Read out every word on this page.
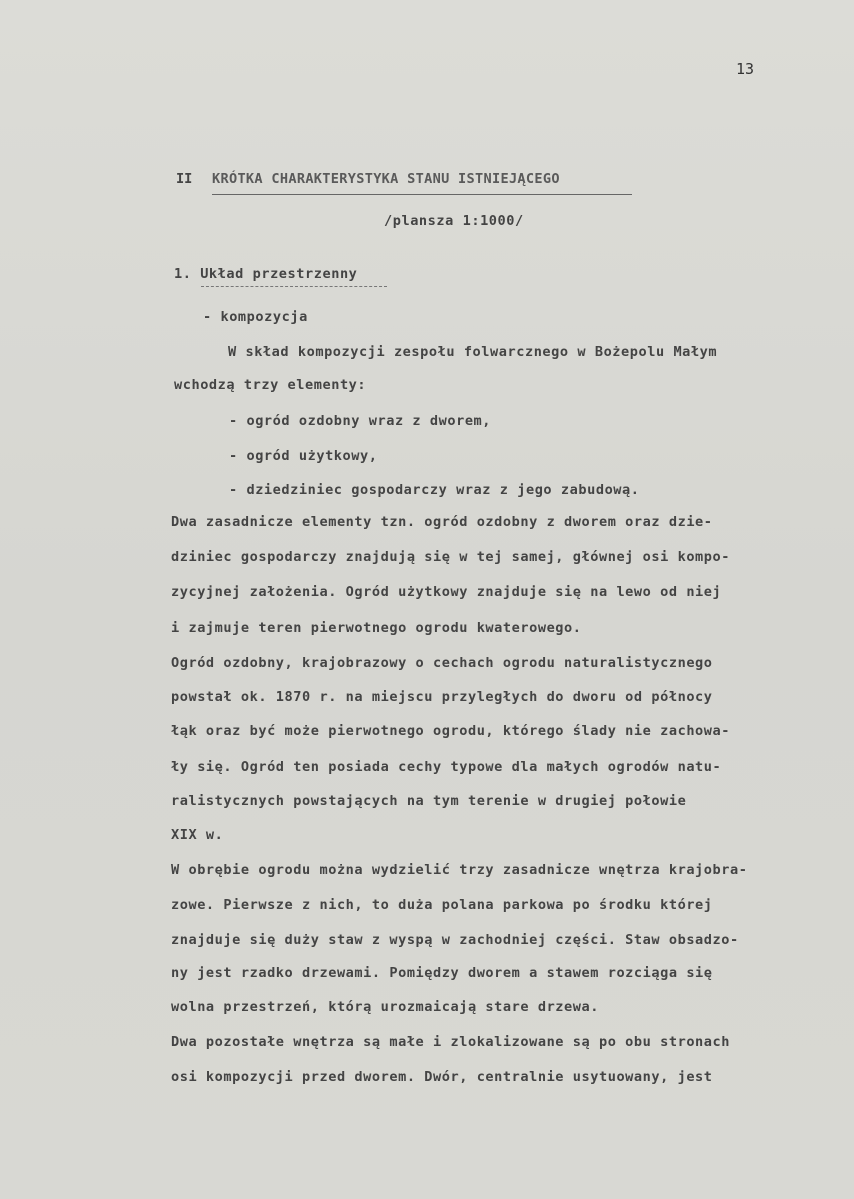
13
II KRÓTKA CHARAKTERYSTYKA STANU ISTNIEJĄCEGO
/plansza 1:1000/
1. Układ przestrzenny
- kompozycja
W skład kompozycji zespołu folwarcznego w Bożepolu Małym
wchodzą trzy elementy:
- ogród ozdobny wraz z dworem,
- ogród użytkowy,
- dziedziniec gospodarczy wraz z jego zabudową.
Dwa zasadnicze elementy tzn. ogród ozdobny z dworem oraz dzie-
dziniec gospodarczy znajdują się w tej samej, głównej osi kompo-
zycyjnej założenia. Ogród użytkowy znajduje się na lewo od niej
i zajmuje teren pierwotnego ogrodu kwaterowego.
Ogród ozdobny, krajobrazowy o cechach ogrodu naturalistycznego
powstał ok. 1870 r. na miejscu przyległych do dworu od północy
łąk oraz być może pierwotnego ogrodu, którego ślady nie zachowa-
ły się. Ogród ten posiada cechy typowe dla małych ogrodów natu-
ralistycznych powstających na tym terenie w drugiej połowie
XIX w.
W obrębie ogrodu można wydzielić trzy zasadnicze wnętrza krajobra-
zowe. Pierwsze z nich, to duża polana parkowa po środku której
znajduje się duży staw z wyspą w zachodniej części. Staw obsadzo-
ny jest rzadko drzewami. Pomiędzy dworem a stawem rozciąga się
wolna przestrzeń, którą urozmaicają stare drzewa.
Dwa pozostałe wnętrza są małe i zlokalizowane są po obu stronach
osi kompozycji przed dworem. Dwór, centralnie usytuowany, jest
